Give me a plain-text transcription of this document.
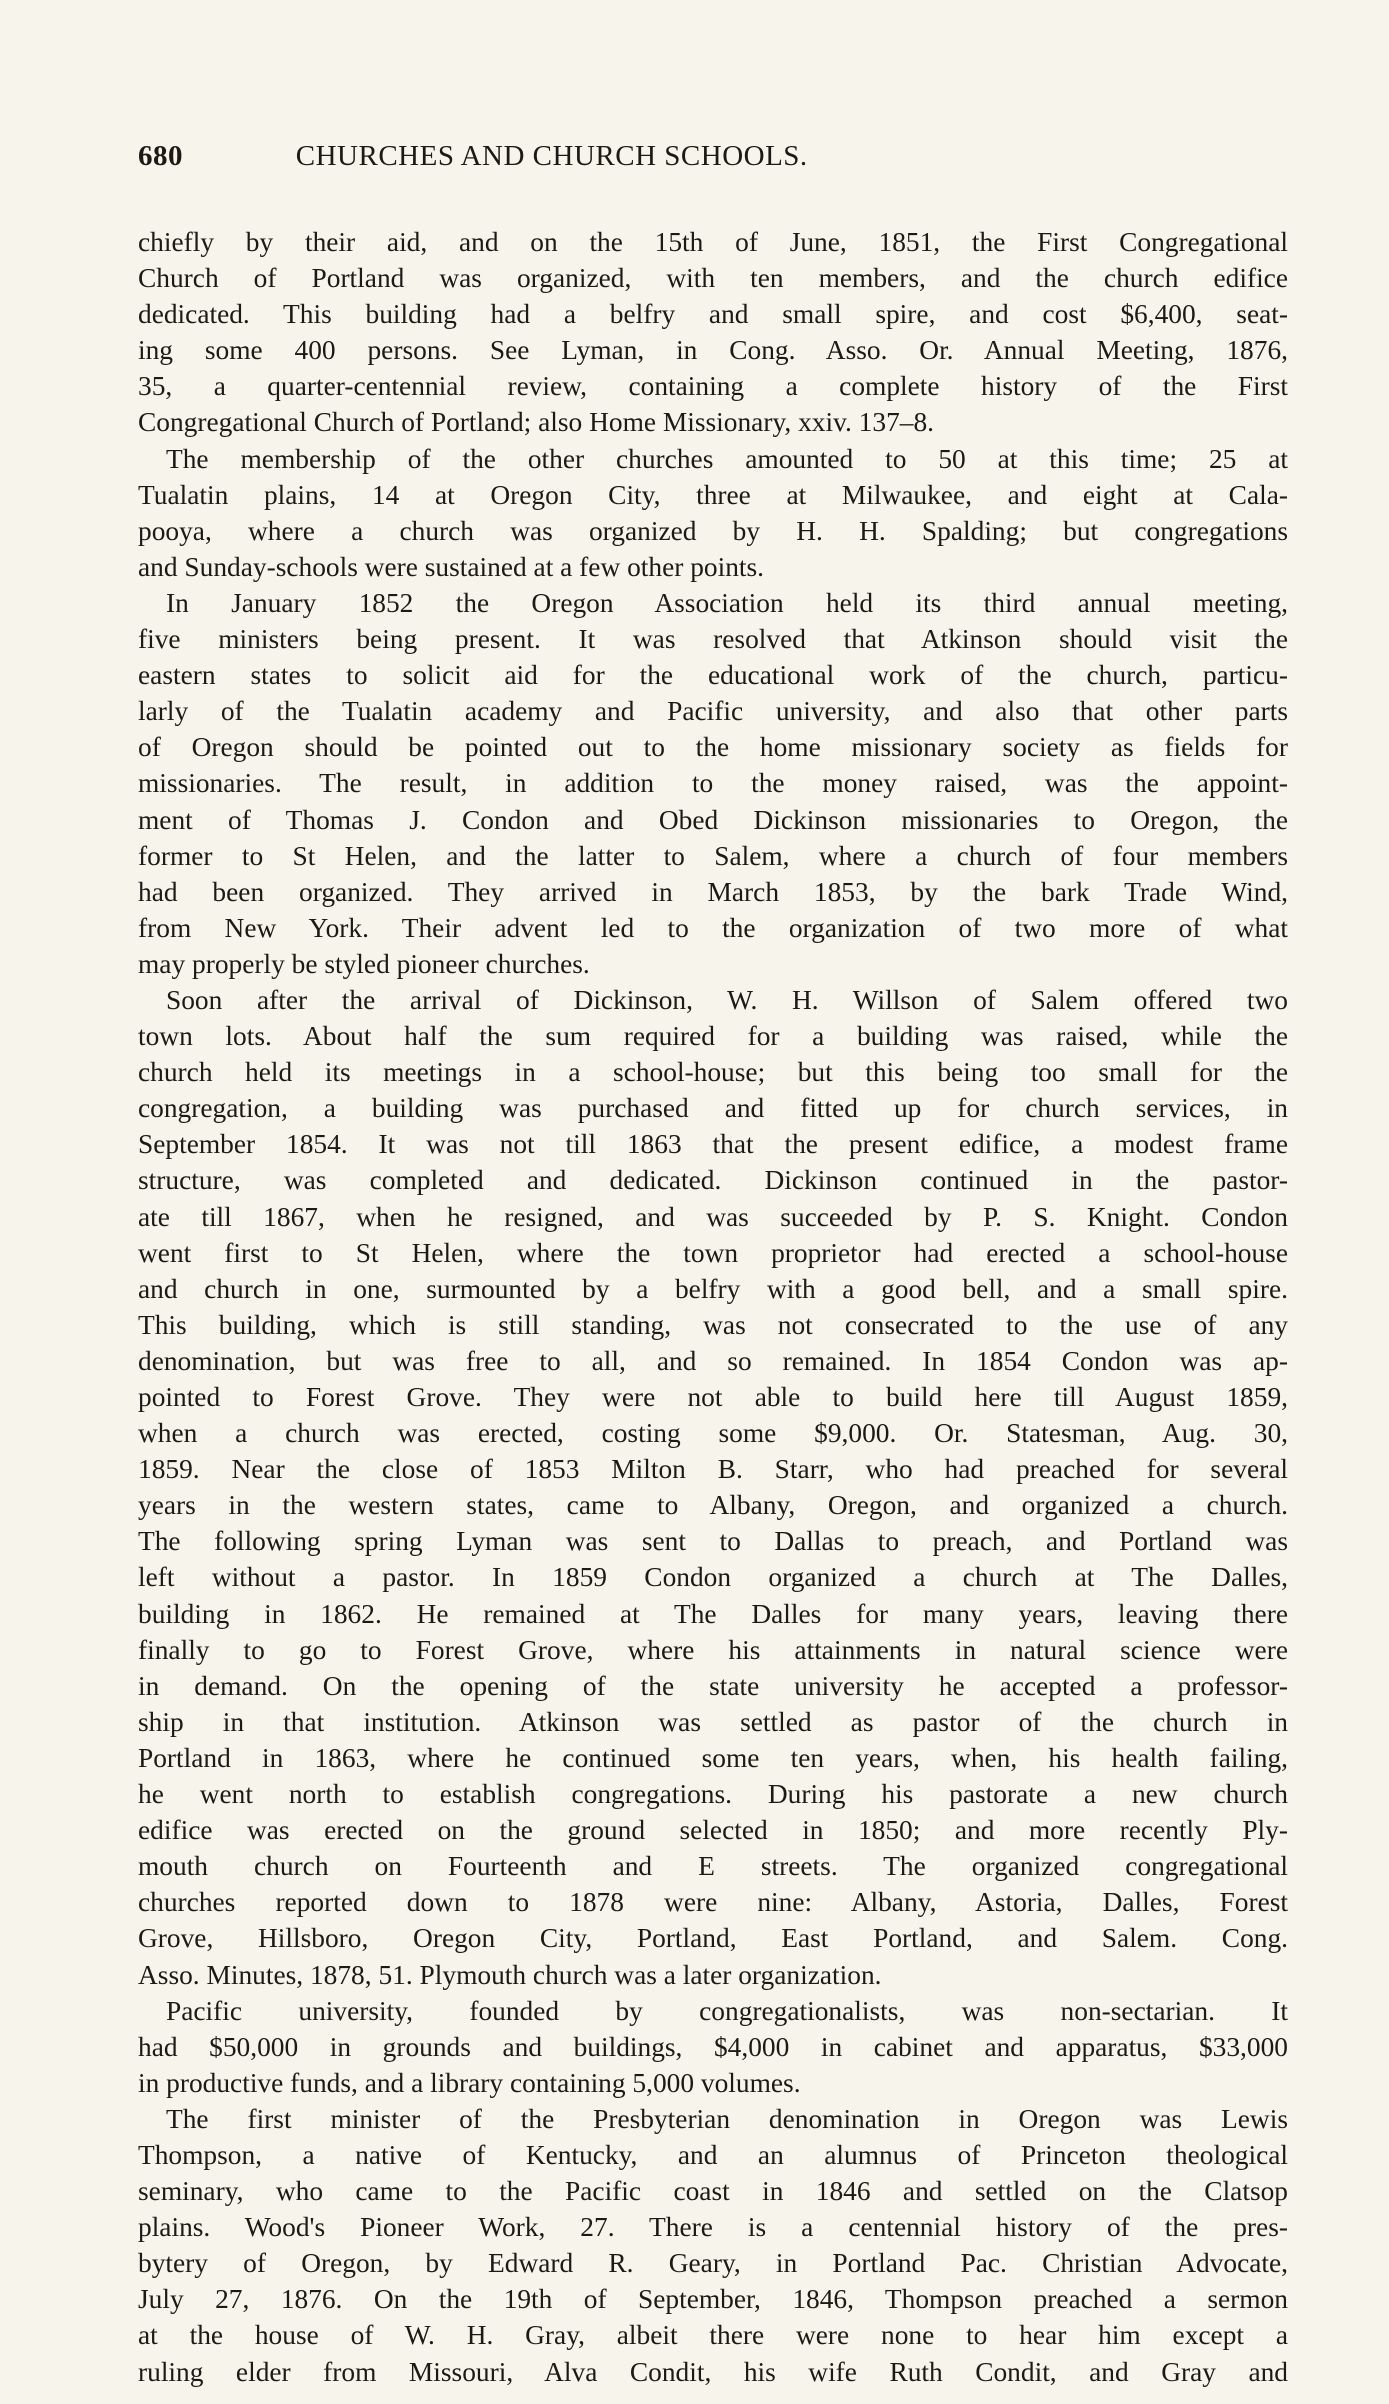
680	CHURCHES AND CHURCH SCHOOLS.
chiefly by their aid, and on the 15th of June, 1851, the First Congregational
Church of Portland was organized, with ten members, and the church edifice
dedicated. This building had a belfry and small spire, and cost $6,400, seat-
ing some 400 persons. See Lyman, in Cong. Asso. Or. Annual Meeting, 1876,
35, a quarter-centennial review, containing a complete history of the First
Congregational Church of Portland; also Home Missionary, xxiv. 137–8.
The membership of the other churches amounted to 50 at this time; 25 at
Tualatin plains, 14 at Oregon City, three at Milwaukee, and eight at Cala-
pooya, where a church was organized by H. H. Spalding; but congregations
and Sunday-schools were sustained at a few other points.
In January 1852 the Oregon Association held its third annual meeting,
five ministers being present. It was resolved that Atkinson should visit the
eastern states to solicit aid for the educational work of the church, particu-
larly of the Tualatin academy and Pacific university, and also that other parts
of Oregon should be pointed out to the home missionary society as fields for
missionaries. The result, in addition to the money raised, was the appoint-
ment of Thomas J. Condon and Obed Dickinson missionaries to Oregon, the
former to St Helen, and the latter to Salem, where a church of four members
had been organized. They arrived in March 1853, by the bark Trade Wind,
from New York. Their advent led to the organization of two more of what
may properly be styled pioneer churches.
Soon after the arrival of Dickinson, W. H. Willson of Salem offered two
town lots. About half the sum required for a building was raised, while the
church held its meetings in a school-house; but this being too small for the
congregation, a building was purchased and fitted up for church services, in
September 1854. It was not till 1863 that the present edifice, a modest frame
structure, was completed and dedicated. Dickinson continued in the pastor-
ate till 1867, when he resigned, and was succeeded by P. S. Knight. Condon
went first to St Helen, where the town proprietor had erected a school-house
and church in one, surmounted by a belfry with a good bell, and a small spire.
This building, which is still standing, was not consecrated to the use of any
denomination, but was free to all, and so remained. In 1854 Condon was ap-
pointed to Forest Grove. They were not able to build here till August 1859,
when a church was erected, costing some $9,000. Or. Statesman, Aug. 30,
1859. Near the close of 1853 Milton B. Starr, who had preached for several
years in the western states, came to Albany, Oregon, and organized a church.
The following spring Lyman was sent to Dallas to preach, and Portland was
left without a pastor. In 1859 Condon organized a church at The Dalles,
building in 1862. He remained at The Dalles for many years, leaving there
finally to go to Forest Grove, where his attainments in natural science were
in demand. On the opening of the state university he accepted a professor-
ship in that institution. Atkinson was settled as pastor of the church in
Portland in 1863, where he continued some ten years, when, his health failing,
he went north to establish congregations. During his pastorate a new church
edifice was erected on the ground selected in 1850; and more recently Ply-
mouth church on Fourteenth and E streets. The organized congregational
churches reported down to 1878 were nine: Albany, Astoria, Dalles, Forest
Grove, Hillsboro, Oregon City, Portland, East Portland, and Salem. Cong.
Asso. Minutes, 1878, 51. Plymouth church was a later organization.
Pacific university, founded by congregationalists, was non-sectarian. It
had $50,000 in grounds and buildings, $4,000 in cabinet and apparatus, $33,000
in productive funds, and a library containing 5,000 volumes.
The first minister of the Presbyterian denomination in Oregon was Lewis
Thompson, a native of Kentucky, and an alumnus of Princeton theological
seminary, who came to the Pacific coast in 1846 and settled on the Clatsop
plains. Wood's Pioneer Work, 27. There is a centennial history of the pres-
bytery of Oregon, by Edward R. Geary, in Portland Pac. Christian Advocate,
July 27, 1876. On the 19th of September, 1846, Thompson preached a sermon
at the house of W. H. Gray, albeit there were none to hear him except a
ruling elder from Missouri, Alva Condit, his wife Ruth Condit, and Gray and
